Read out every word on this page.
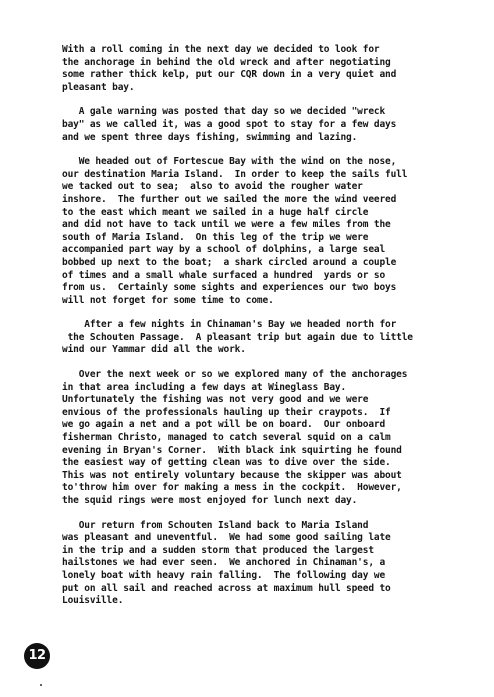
With a roll coming in the next day we decided to look for
the anchorage in behind the old wreck and after negotiating
some rather thick kelp, put our CQR down in a very quiet and
pleasant bay.

A gale warning was posted that day so we decided "wreck
bay" as we called it, was a good spot to stay for a few days
and we spent three days fishing, swimming and lazing.

We headed out of Fortescue Bay with the wind on the nose,
our destination Maria Island.  In order to keep the sails full
we tacked out to sea;  also to avoid the rougher water
inshore.  The further out we sailed the more the wind veered
to the east which meant we sailed in a huge half circle
and did not have to tack until we were a few miles from the
south of Maria Island.  On this leg of the trip we were
accompanied part way by a school of dolphins, a large seal
bobbed up next to the boat;  a shark circled around a couple
of times and a small whale surfaced a hundred  yards or so
from us.  Certainly some sights and experiences our two boys
will not forget for some time to come.

After a few nights in Chinaman's Bay we headed north for
the Schouten Passage.  A pleasant trip but again due to little
wind our Yammar did all the work.

Over the next week or so we explored many of the anchorages
in that area including a few days at Wineglass Bay.
Unfortunately the fishing was not very good and we were
envious of the professionals hauling up their craypots.  If
we go again a net and a pot will be on board.  Our onboard
fisherman Christo, managed to catch several squid on a calm
evening in Bryan's Corner.  With black ink squirting he found
the easiest way of getting clean was to dive over the side.
This was not entirely voluntary because the skipper was about
to'throw him over for making a mess in the cockpit.  However,
the squid rings were most enjoyed for lunch next day.

Our return from Schouten Island back to Maria Island
was pleasant and uneventful.  We had some good sailing late
in the trip and a sudden storm that produced the largest
hailstones we had ever seen.  We anchored in Chinaman's, a
lonely boat with heavy rain falling.  The following day we
put on all sail and reached across at maximum hull speed to
Louisville.

12
